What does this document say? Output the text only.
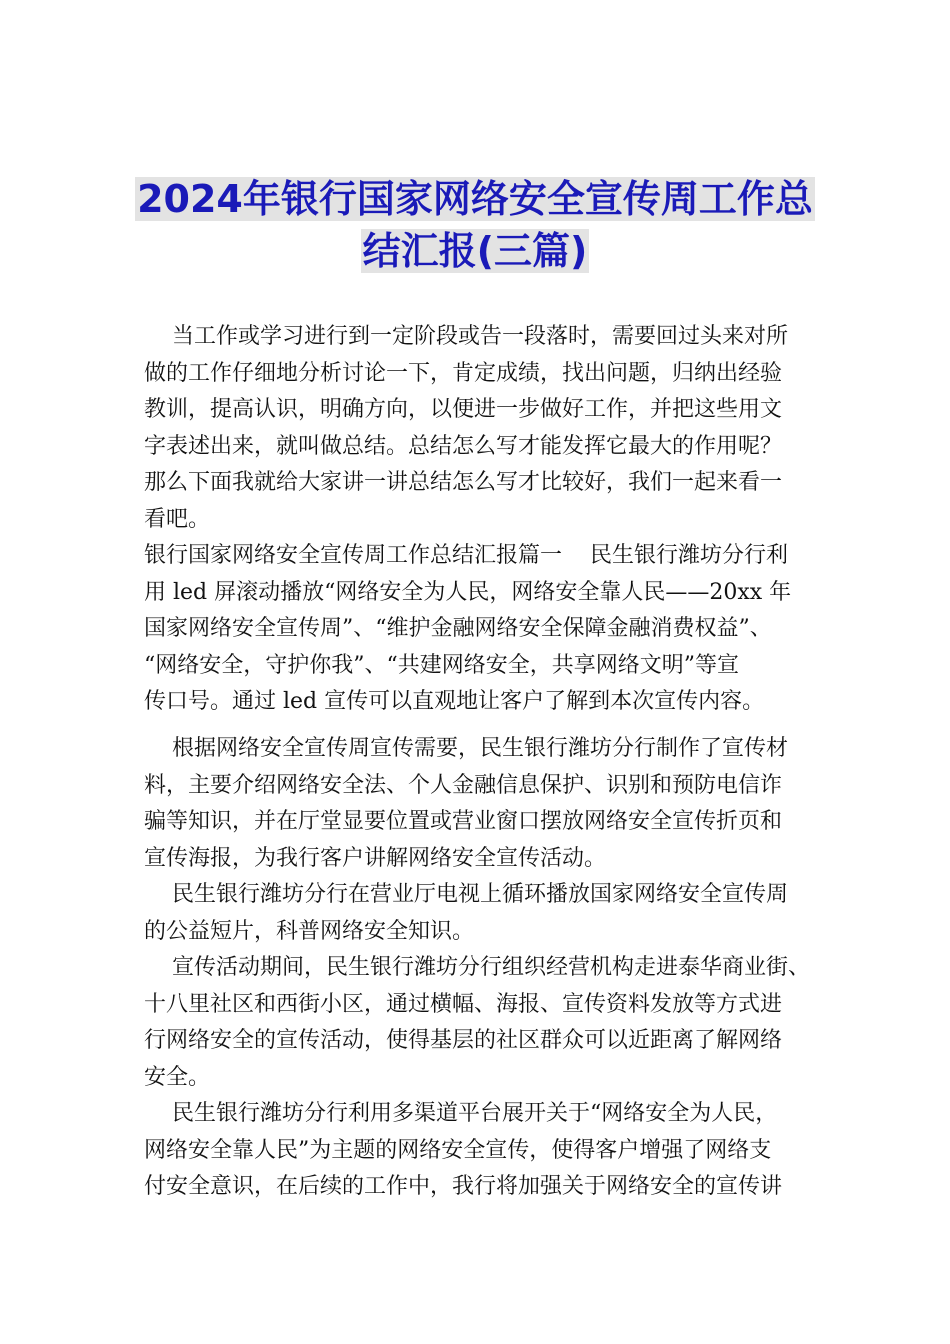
2024年银行国家网络安全宣传周工作总
结汇报(三篇)
当工作或学习进行到一定阶段或告一段落时，需要回过头来对所
做的工作仔细地分析讨论一下，肯定成绩，找出问题，归纳出经验
教训，提高认识，明确方向，以便进一步做好工作，并把这些用文
字表述出来，就叫做总结。总结怎么写才能发挥它最大的作用呢？
那么下面我就给大家讲一讲总结怎么写才比较好，我们一起来看一
看吧。
银行国家网络安全宣传周工作总结汇报篇一    民生银行潍坊分行利
用 led 屏滚动播放“网络安全为人民，网络安全靠人民——20xx 年
国家网络安全宣传周”、“维护金融网络安全保障金融消费权益”、
“网络安全，守护你我”、“共建网络安全，共享网络文明”等宣
传口号。通过 led 宣传可以直观地让客户了解到本次宣传内容。
根据网络安全宣传周宣传需要，民生银行潍坊分行制作了宣传材
料，主要介绍网络安全法、个人金融信息保护、识别和预防电信诈
骗等知识，并在厅堂显要位置或营业窗口摆放网络安全宣传折页和
宣传海报，为我行客户讲解网络安全宣传活动。
民生银行潍坊分行在营业厅电视上循环播放国家网络安全宣传周
的公益短片，科普网络安全知识。
宣传活动期间，民生银行潍坊分行组织经营机构走进泰华商业街、
十八里社区和西街小区，通过横幅、海报、宣传资料发放等方式进
行网络安全的宣传活动，使得基层的社区群众可以近距离了解网络
安全。
民生银行潍坊分行利用多渠道平台展开关于“网络安全为人民，
网络安全靠人民”为主题的网络安全宣传，使得客户增强了网络支
付安全意识，在后续的工作中，我行将加强关于网络安全的宣传讲
